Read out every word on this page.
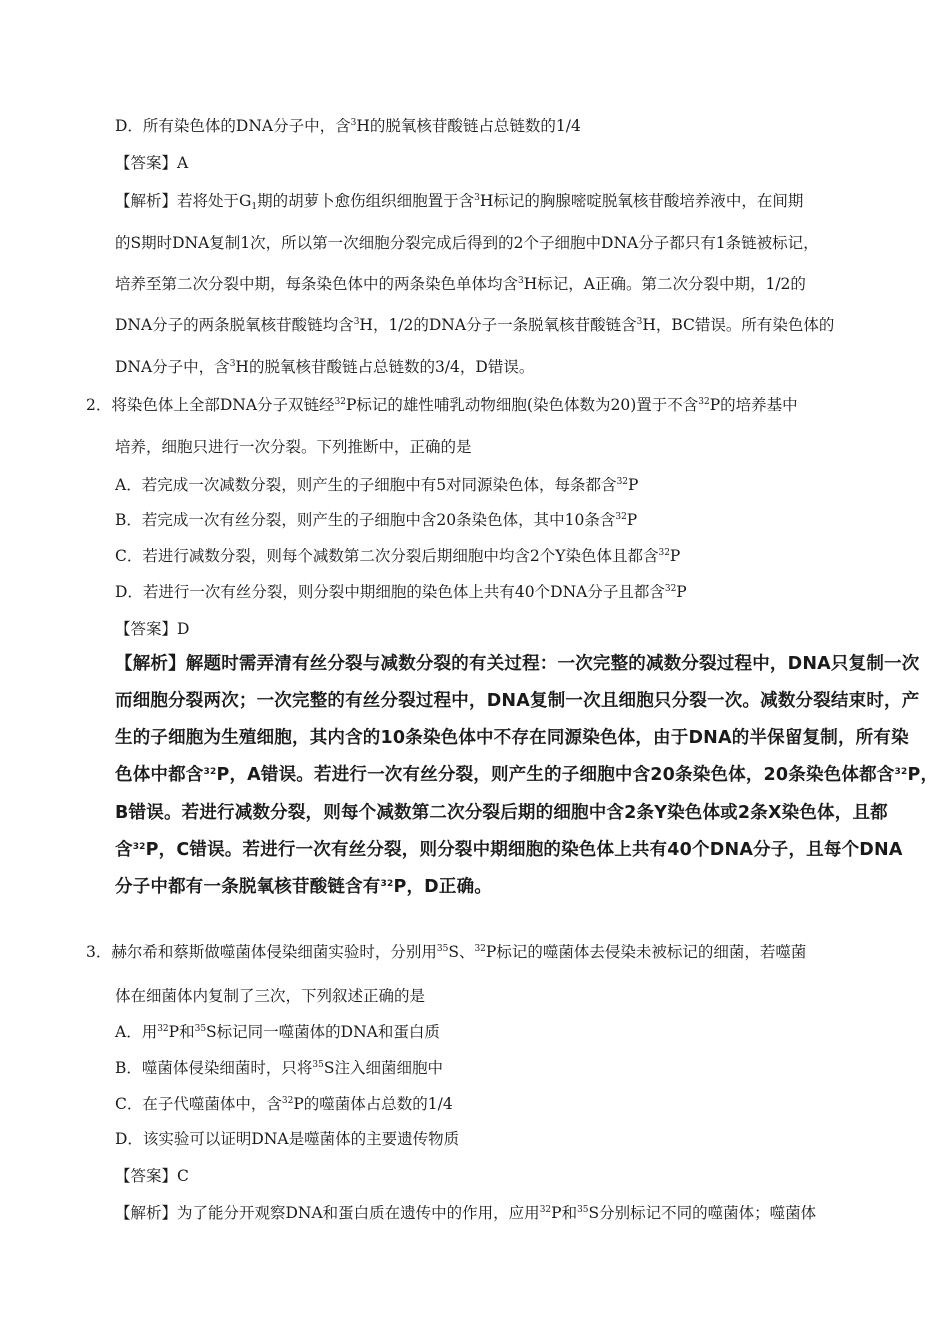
D．所有染色体的DNA分子中，含$^3$H的脱氧核苷酸链占总链数的1/4

【答案】A

【解析】若将处于$G_1$期的胡萝卜愈伤组织细胞置于含$^3$H标记的胸腺嘧啶脱氧核苷酸培养液中，在间期

的S期时DNA复制1次，所以第一次细胞分裂完成后得到的2个子细胞中DNA分子都只有1条链被标记，

培养至第二次分裂中期，每条染色体中的两条染色单体均含$^3$H标记，A正确。第二次分裂中期，1/2的

DNA分子的两条脱氧核苷酸链均含$^3$H，1/2的DNA分子一条脱氧核苷酸链含$^3$H，BC错误。所有染色体的

DNA分子中，含$^3$H的脱氧核苷酸链占总链数的3/4，D错误。

2．将染色体上全部DNA分子双链经$^{32}$P标记的雄性哺乳动物细胞(染色体数为20)置于不含$^{32}$P的培养基中

培养，细胞只进行一次分裂。下列推断中，正确的是

A．若完成一次减数分裂，则产生的子细胞中有5对同源染色体，每条都含$^{32}$P

B．若完成一次有丝分裂，则产生的子细胞中含20条染色体，其中10条含$^{32}$P

C．若进行减数分裂，则每个减数第二次分裂后期细胞中均含2个Y染色体且都含$^{32}$P

D．若进行一次有丝分裂，则分裂中期细胞的染色体上共有40个DNA分子且都含$^{32}$P

【答案】D

【解析】解题时需弄清有丝分裂与减数分裂的有关过程：一次完整的减数分裂过程中，DNA只复制一次

而细胞分裂两次；一次完整的有丝分裂过程中，DNA复制一次且细胞只分裂一次。减数分裂结束时，产

生的子细胞为生殖细胞，其内含的10条染色体中不存在同源染色体，由于DNA的半保留复制，所有染

色体中都含$^{32}$P，A错误。若进行一次有丝分裂，则产生的子细胞中含20条染色体，20条染色体都含$^{32}$P，

B错误。若进行减数分裂，则每个减数第二次分裂后期的细胞中含2条Y染色体或2条X染色体，且都

含$^{32}$P，C错误。若进行一次有丝分裂，则分裂中期细胞的染色体上共有40个DNA分子，且每个DNA

分子中都有一条脱氧核苷酸链含有$^{32}$P，D正确。

3．赫尔希和蔡斯做噬菌体侵染细菌实验时，分别用$^{35}$S、$^{32}$P标记的噬菌体去侵染未被标记的细菌，若噬菌

体在细菌体内复制了三次，下列叙述正确的是

A．用$^{32}$P和$^{35}$S标记同一噬菌体的DNA和蛋白质

B．噬菌体侵染细菌时，只将$^{35}$S注入细菌细胞中

C．在子代噬菌体中，含$^{32}$P的噬菌体占总数的1/4

D．该实验可以证明DNA是噬菌体的主要遗传物质

【答案】C

【解析】为了能分开观察DNA和蛋白质在遗传中的作用，应用$^{32}$P和$^{35}$S分别标记不同的噬菌体；噬菌体
